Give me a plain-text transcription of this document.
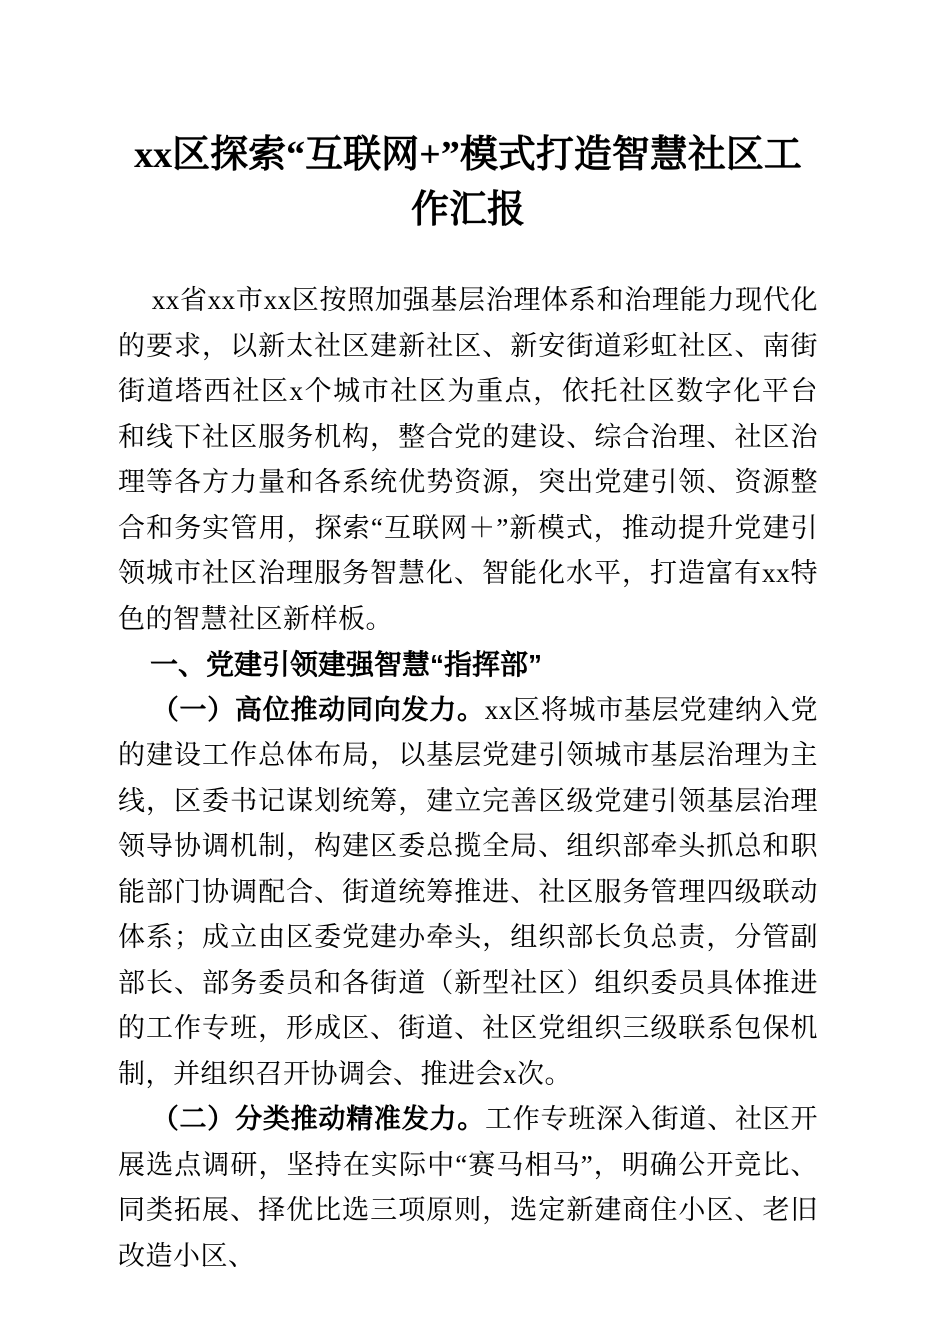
xx区探索“互联网+”模式打造智慧社区工作汇报

xx省xx市xx区按照加强基层治理体系和治理能力现代化的要求，以新太社区建新社区、新安街道彩虹社区、南街街道塔西社区x个城市社区为重点，依托社区数字化平台和线下社区服务机构，整合党的建设、综合治理、社区治理等各方力量和各系统优势资源，突出党建引领、资源整合和务实管用，探索“互联网＋”新模式，推动提升党建引领城市社区治理服务智慧化、智能化水平，打造富有xx特色的智慧社区新样板。

一、党建引领建强智慧“指挥部”

（一）高位推动同向发力。xx区将城市基层党建纳入党的建设工作总体布局，以基层党建引领城市基层治理为主线，区委书记谋划统筹，建立完善区级党建引领基层治理领导协调机制，构建区委总揽全局、组织部牵头抓总和职能部门协调配合、街道统筹推进、社区服务管理四级联动体系；成立由区委党建办牵头，组织部长负总责，分管副部长、部务委员和各街道（新型社区）组织委员具体推进的工作专班，形成区、街道、社区党组织三级联系包保机制，并组织召开协调会、推进会x次。

（二）分类推动精准发力。工作专班深入街道、社区开展选点调研，坚持在实际中“赛马相马”，明确公开竞比、同类拓展、择优比选三项原则，选定新建商住小区、老旧改造小区、
